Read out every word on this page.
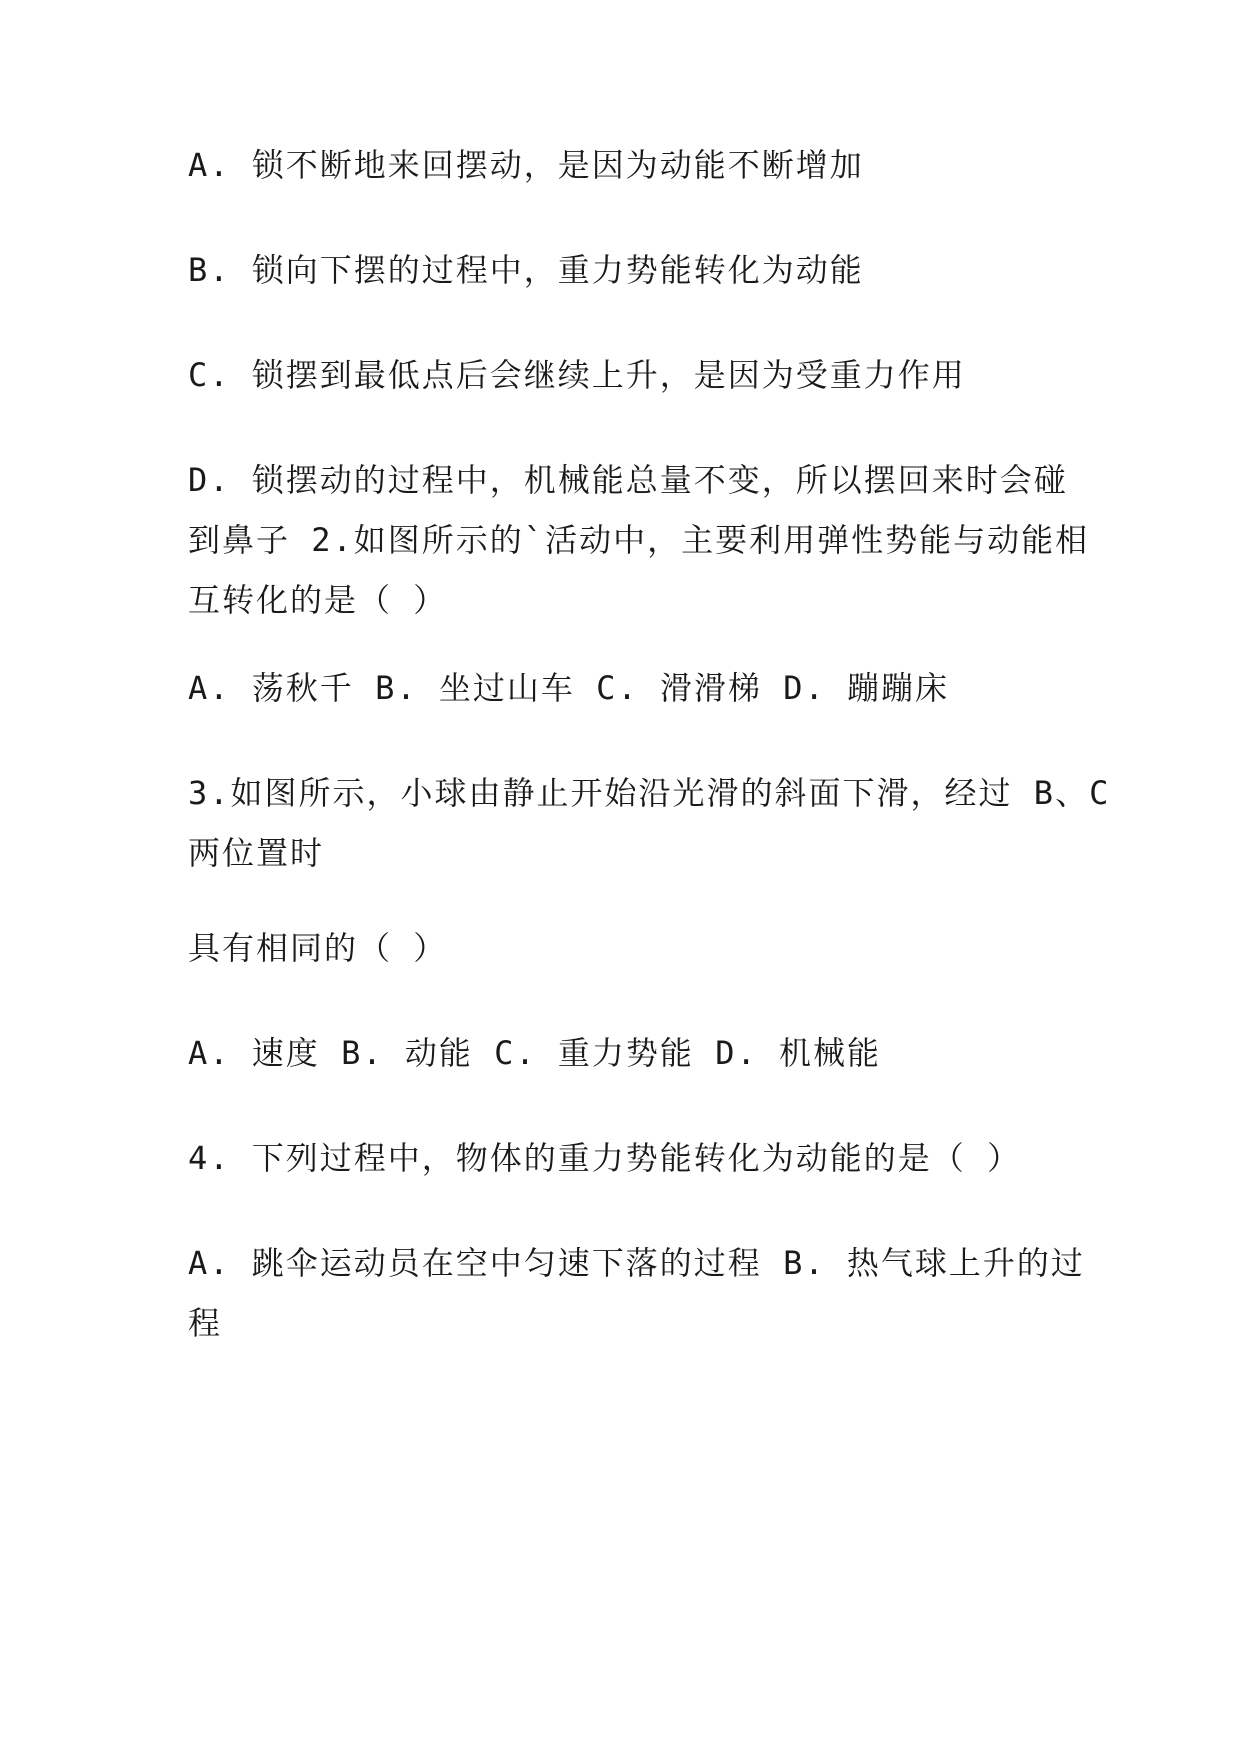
A. 锁不断地来回摆动，是因为动能不断增加

B. 锁向下摆的过程中，重力势能转化为动能

C. 锁摆到最低点后会继续上升，是因为受重力作用

D. 锁摆动的过程中，机械能总量不变，所以摆回来时会碰
到鼻子 2.如图所示的`活动中，主要利用弹性势能与动能相
互转化的是（ ）

A. 荡秋千 B. 坐过山车 C. 滑滑梯 D. 蹦蹦床

3.如图所示，小球由静止开始沿光滑的斜面下滑，经过 B、C
两位置时

具有相同的（ ）

A. 速度 B. 动能 C. 重力势能 D. 机械能

4. 下列过程中，物体的重力势能转化为动能的是（ ）

A. 跳伞运动员在空中匀速下落的过程 B. 热气球上升的过
程
